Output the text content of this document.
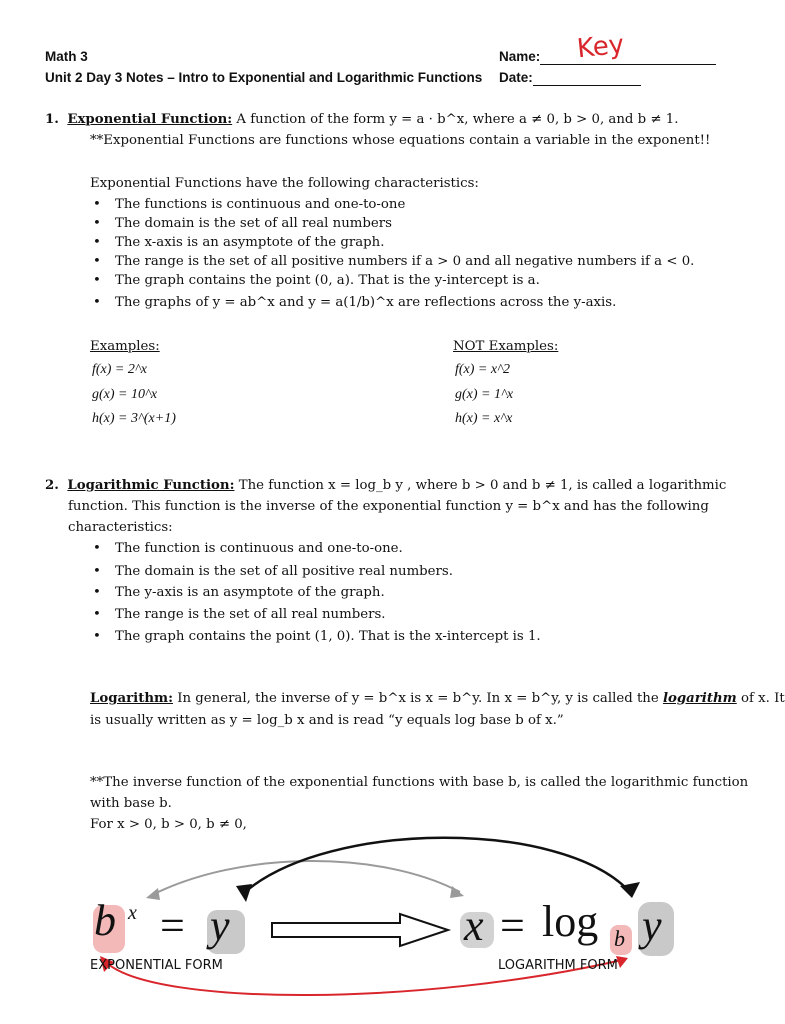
Math 3
Unit 2 Day 3 Notes – Intro to Exponential and Logarithmic Functions
Name: Key
Date:
1. Exponential Function: A function of the form y = a · b^x, where a ≠ 0, b > 0, and b ≠ 1.
**Exponential Functions are functions whose equations contain a variable in the exponent!!
Exponential Functions have the following characteristics:
• The functions is continuous and one-to-one
• The domain is the set of all real numbers
• The x-axis is an asymptote of the graph.
• The range is the set of all positive numbers if a > 0 and all negative numbers if a < 0.
• The graph contains the point (0, a). That is the y-intercept is a.
• The graphs of y = ab^x and y = a(1/b)^x are reflections across the y-axis.
Examples:
f(x) = 2^x
g(x) = 10^x
h(x) = 3^(x+1)
NOT Examples:
f(x) = x^2
g(x) = 1^x
h(x) = x^x
2. Logarithmic Function: The function x = log_b y , where b > 0 and b ≠ 1, is called a logarithmic
function. This function is the inverse of the exponential function y = b^x and has the following
characteristics:
• The function is continuous and one-to-one.
• The domain is the set of all positive real numbers.
• The y-axis is an asymptote of the graph.
• The range is the set of all real numbers.
• The graph contains the point (1, 0). That is the x-intercept is 1.
Logarithm: In general, the inverse of y = b^x is x = b^y. In x = b^y, y is called the logarithm of x. It
is usually written as y = log_b x and is read “y equals log base b of x.”
**The inverse function of the exponential functions with base b, is called the logarithmic function
with base b.
For x > 0, b > 0, b ≠ 0,
b x = y	x = log b y
EXPONENTIAL FORM	LOGARITHM FORM
